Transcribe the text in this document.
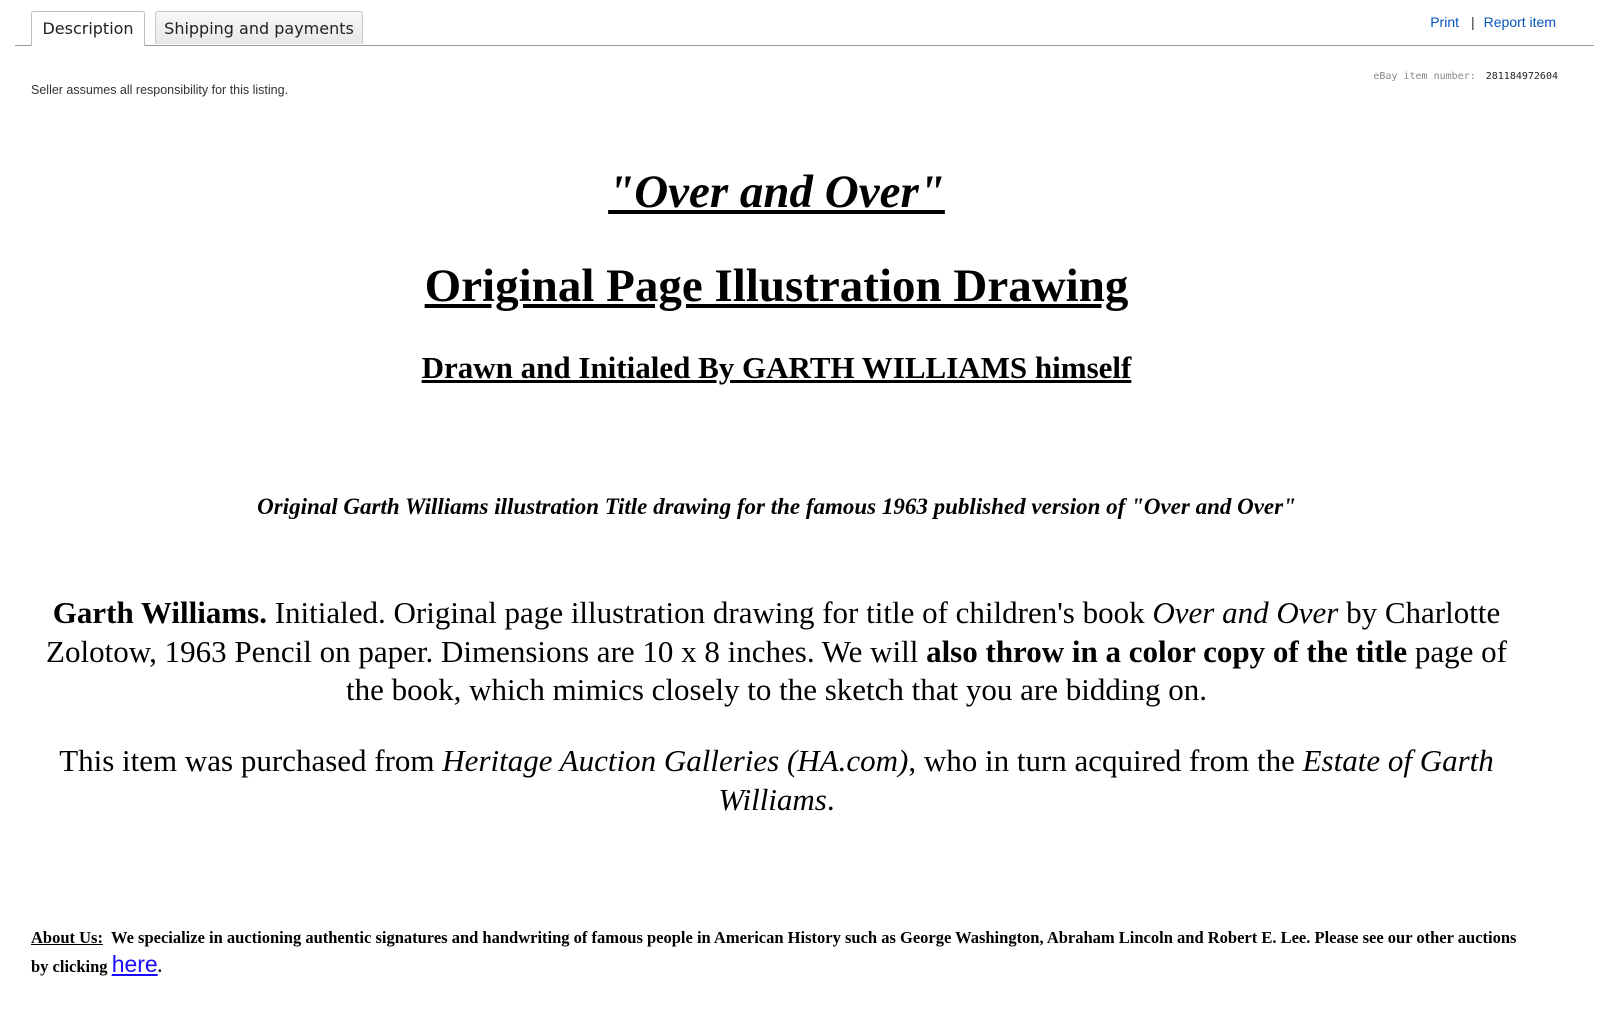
Description	Shipping and payments	Print | Report item
Seller assumes all responsibility for this listing.
eBay item number: 281184972604
"Over and Over"
Original Page Illustration Drawing
Drawn and Initialed By GARTH WILLIAMS himself
Original Garth Williams illustration Title drawing for the famous 1963 published version of "Over and Over"
Garth Williams. Initialed. Original page illustration drawing for title of children's book Over and Over by Charlotte Zolotow, 1963 Pencil on paper. Dimensions are 10 x 8 inches. We will also throw in a color copy of the title page of the book, which mimics closely to the sketch that you are bidding on.
This item was purchased from Heritage Auction Galleries (HA.com), who in turn acquired from the Estate of Garth Williams.
About Us: We specialize in auctioning authentic signatures and handwriting of famous people in American History such as George Washington, Abraham Lincoln and Robert E. Lee. Please see our other auctions by clicking here.
